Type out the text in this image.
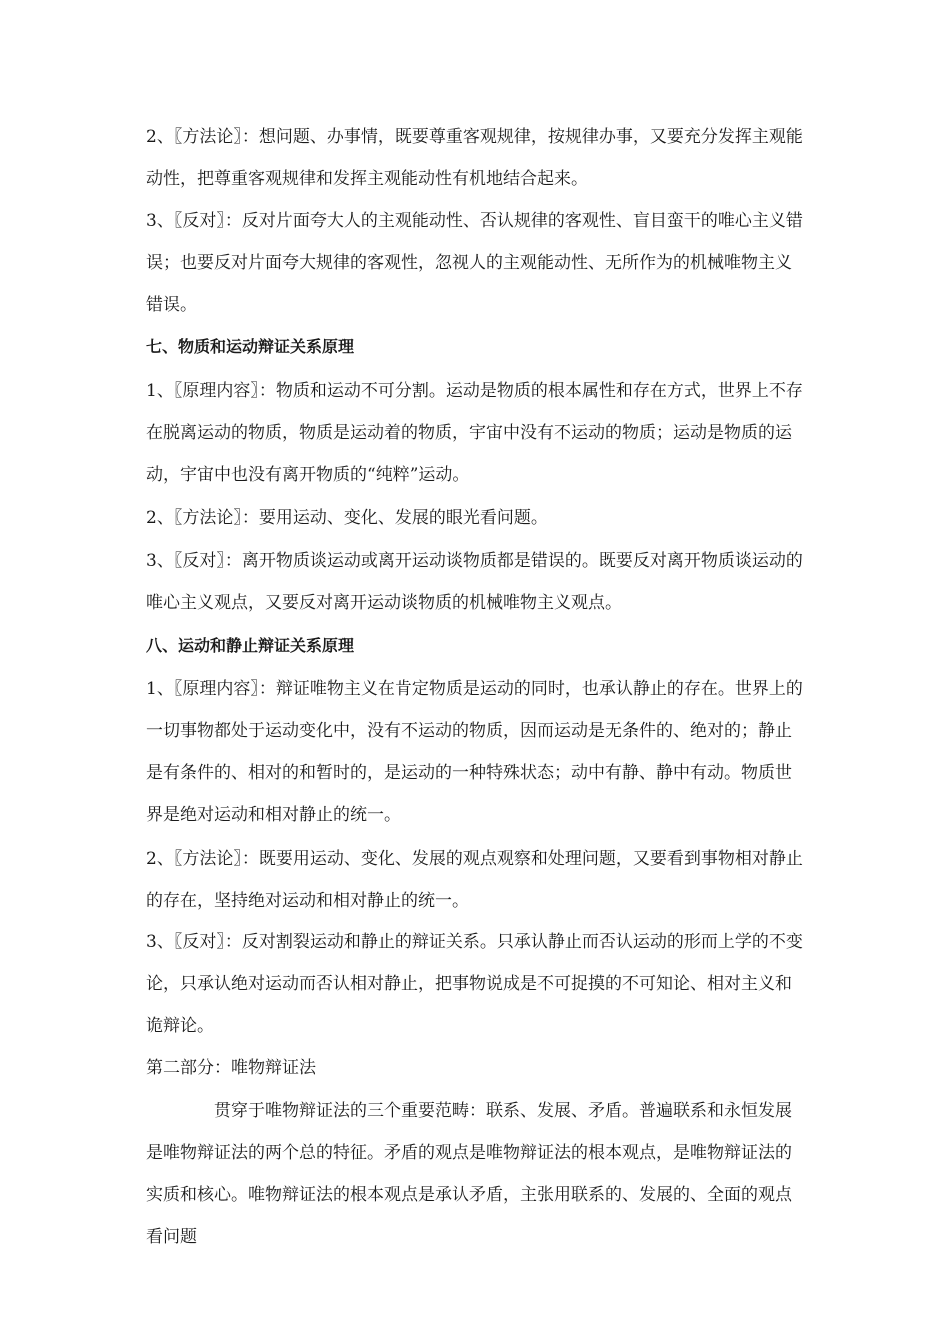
2、〖方法论〗：想问题、办事情，既要尊重客观规律，按规律办事，又要充分发挥主观能动性，把尊重客观规律和发挥主观能动性有机地结合起来。

3、〖反对〗：反对片面夸大人的主观能动性、否认规律的客观性、盲目蛮干的唯心主义错误；也要反对片面夸大规律的客观性，忽视人的主观能动性、无所作为的机械唯物主义错误。

七、物质和运动辩证关系原理

1、〖原理内容〗：物质和运动不可分割。运动是物质的根本属性和存在方式，世界上不存在脱离运动的物质，物质是运动着的物质，宇宙中没有不运动的物质；运动是物质的运动，宇宙中也没有离开物质的“纯粹”运动。

2、〖方法论〗：要用运动、变化、发展的眼光看问题。

3、〖反对〗：离开物质谈运动或离开运动谈物质都是错误的。既要反对离开物质谈运动的唯心主义观点，又要反对离开运动谈物质的机械唯物主义观点。

八、运动和静止辩证关系原理

1、〖原理内容〗：辩证唯物主义在肯定物质是运动的同时，也承认静止的存在。世界上的一切事物都处于运动变化中，没有不运动的物质，因而运动是无条件的、绝对的；静止是有条件的、相对的和暂时的，是运动的一种特殊状态；动中有静、静中有动。物质世界是绝对运动和相对静止的统一。

2、〖方法论〗：既要用运动、变化、发展的观点观察和处理问题，又要看到事物相对静止的存在，坚持绝对运动和相对静止的统一。

3、〖反对〗：反对割裂运动和静止的辩证关系。只承认静止而否认运动的形而上学的不变论，只承认绝对运动而否认相对静止，把事物说成是不可捉摸的不可知论、相对主义和诡辩论。

第二部分：唯物辩证法

贯穿于唯物辩证法的三个重要范畴：联系、发展、矛盾。普遍联系和永恒发展是唯物辩证法的两个总的特征。矛盾的观点是唯物辩证法的根本观点，是唯物辩证法的实质和核心。唯物辩证法的根本观点是承认矛盾，主张用联系的、发展的、全面的观点看问题
